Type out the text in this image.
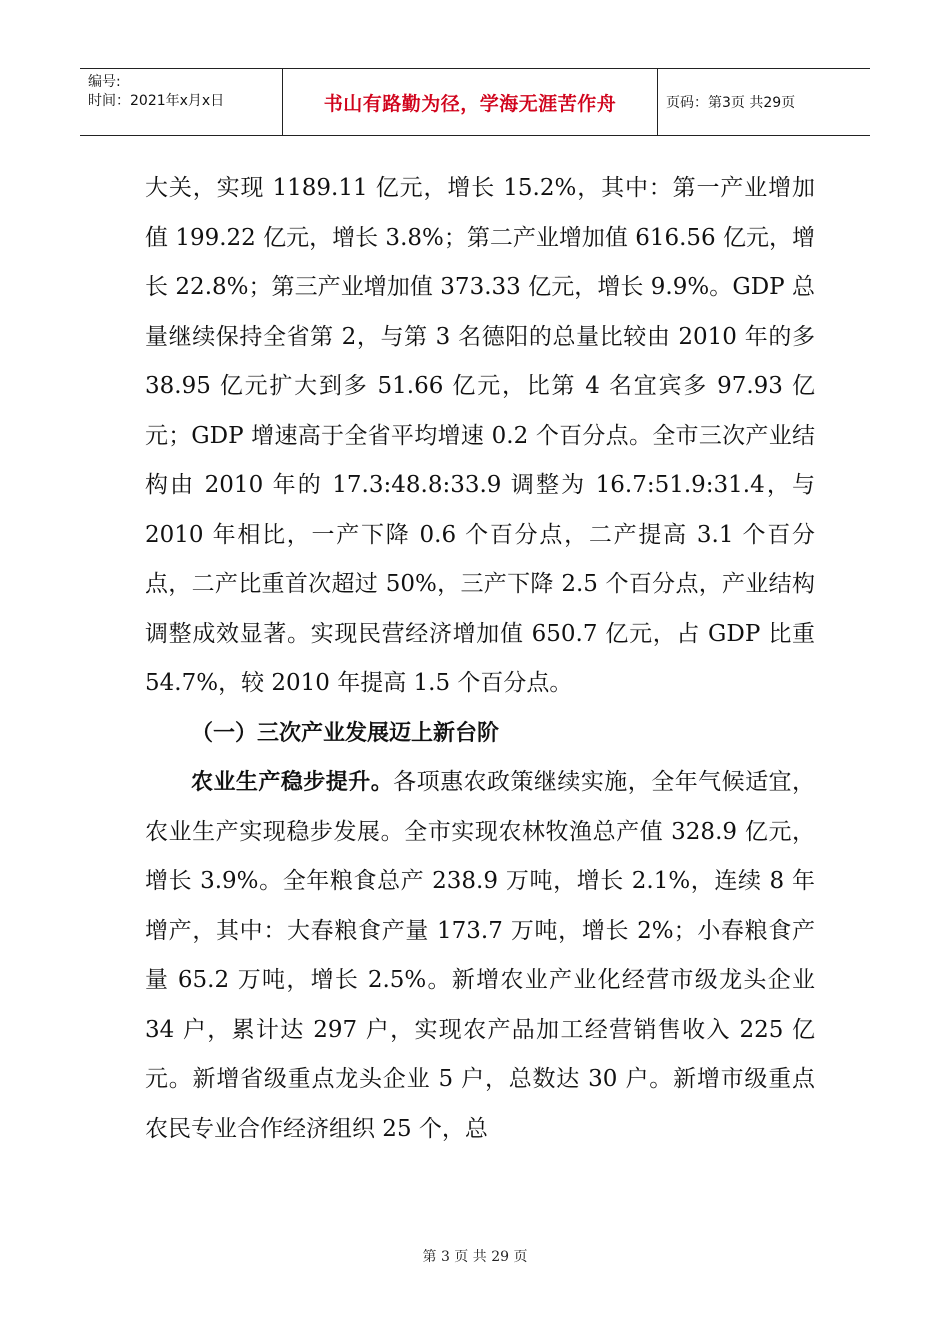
编号:
时间：2021年x月x日	书山有路勤为径，学海无涯苦作舟	页码：第3页 共29页

大关，实现 1189.11 亿元，增长 15.2%，其中：第一产业增加值 199.22 亿元，增长 3.8%；第二产业增加值 616.56 亿元，增长 22.8%；第三产业增加值 373.33 亿元，增长 9.9%。GDP 总量继续保持全省第 2，与第 3 名德阳的总量比较由 2010 年的多 38.95 亿元扩大到多 51.66 亿元，比第 4 名宜宾多 97.93 亿元；GDP 增速高于全省平均增速 0.2 个百分点。全市三次产业结构由 2010 年的 17.3:48.8:33.9 调整为 16.7:51.9:31.4，与 2010 年相比，一产下降 0.6 个百分点，二产提高 3.1 个百分点，二产比重首次超过 50%，三产下降 2.5 个百分点，产业结构调整成效显著。实现民营经济增加值 650.7 亿元，占 GDP 比重 54.7%，较 2010 年提高 1.5 个百分点。

（一）三次产业发展迈上新台阶

农业生产稳步提升。各项惠农政策继续实施，全年气候适宜，农业生产实现稳步发展。全市实现农林牧渔总产值 328.9 亿元，增长 3.9%。全年粮食总产 238.9 万吨，增长 2.1%，连续 8 年增产，其中：大春粮食产量 173.7 万吨，增长 2%；小春粮食产量 65.2 万吨，增长 2.5%。新增农业产业化经营市级龙头企业 34 户，累计达 297 户，实现农产品加工经营销售收入 225 亿元。新增省级重点龙头企业 5 户，总数达 30 户。新增市级重点农民专业合作经济组织 25 个，总

第 3 页 共 29 页
